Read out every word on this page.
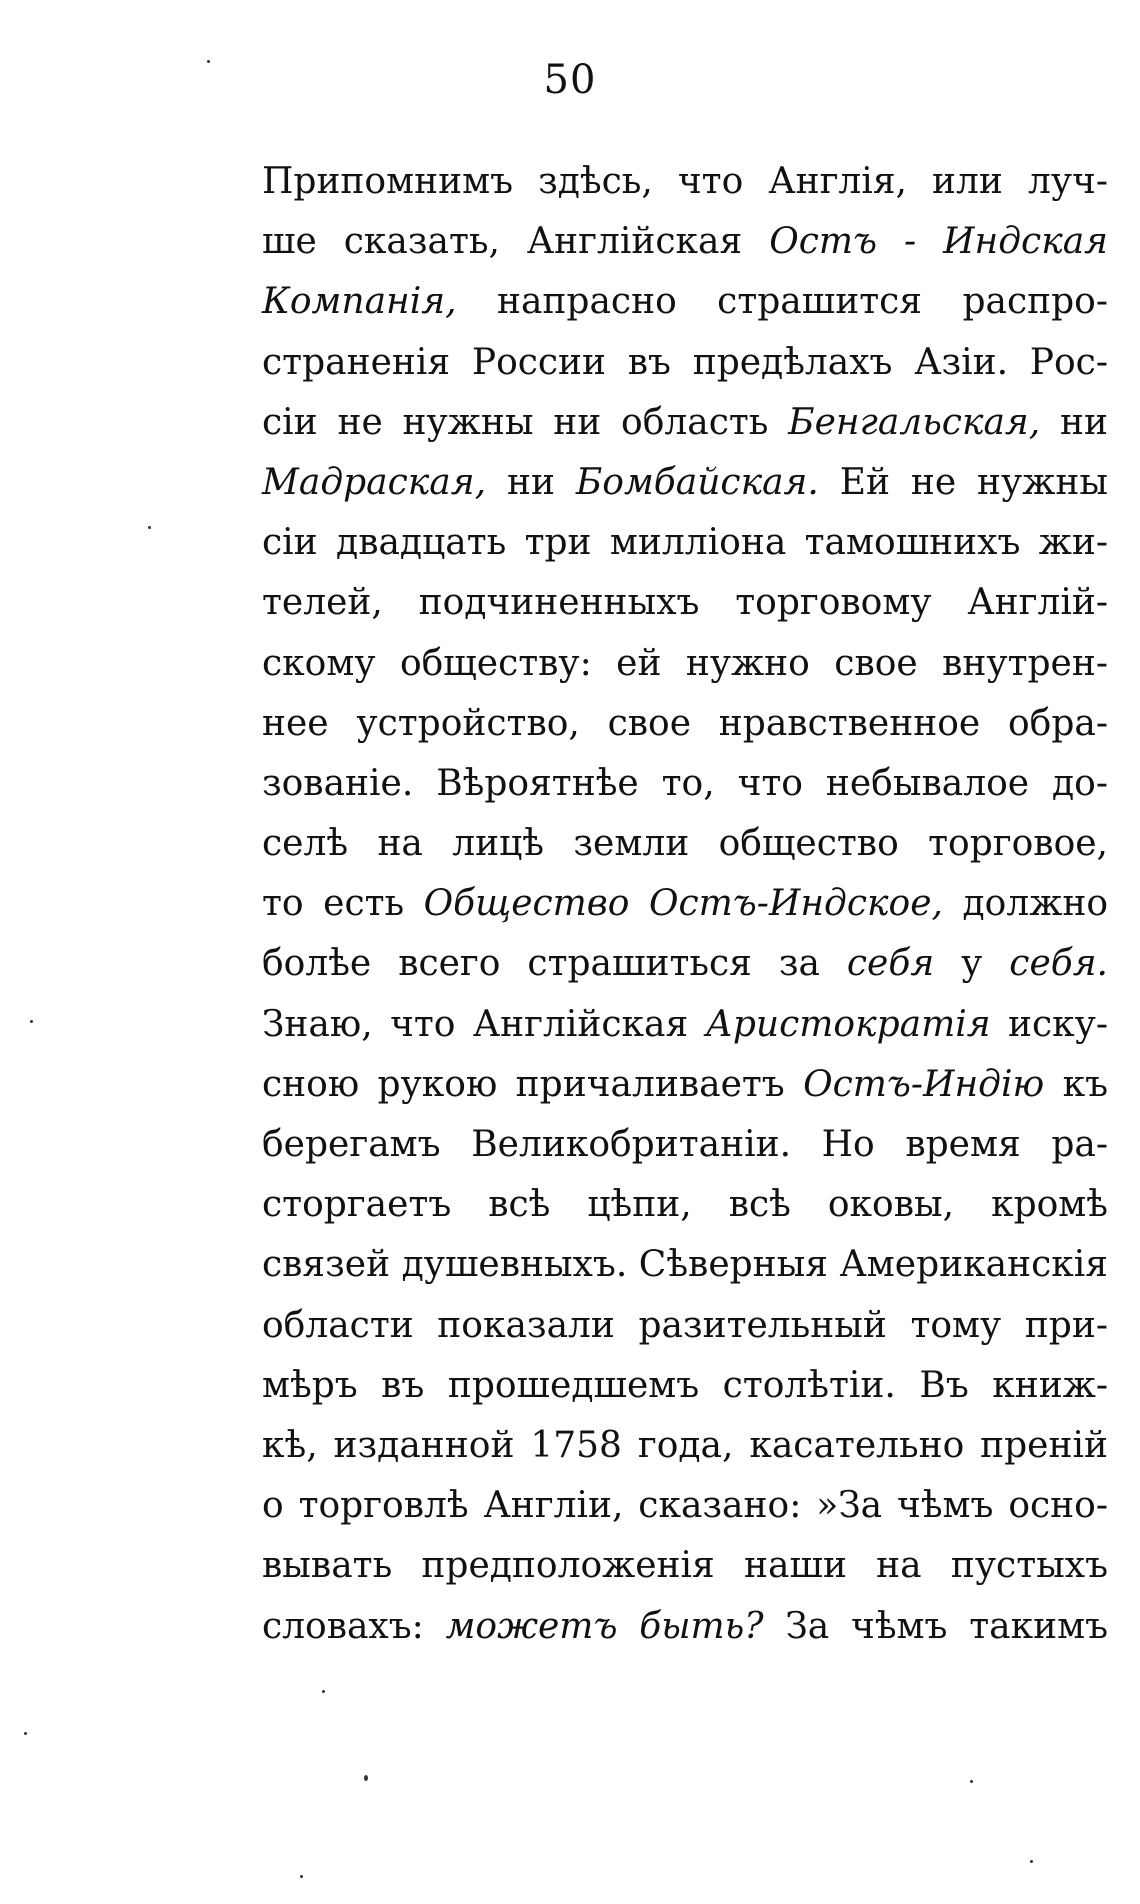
50
Припомнимъ здѣсь, что Англія, или луч-
ше сказать, Англійская Остъ - Индская
Компанія, напрасно страшится распро-
страненія России въ предѣлахъ Азіи. Рос-
сіи не нужны ни область Бенгальская, ни
Мадраская, ни Бомбайская. Ей не нужны
сіи двадцать три милліона тамошнихъ жи-
телей, подчиненныхъ торговому Англій-
скому обществу: ей нужно свое внутрен-
нее устройство, свое нравственное обра-
зованіе. Вѣроятнѣе то, что небывалое до-
селѣ на лицѣ земли общество торговое,
то есть Общество Остъ-Индское, должно
болѣе всего страшиться за себя у себя.
Знаю, что Англійская Аристократія иску-
сною рукою причаливаетъ Остъ-Индію къ
берегамъ Великобританіи. Но время ра-
сторгаетъ всѣ цѣпи, всѣ оковы, кромѣ
связей душевныхъ. Сѣверныя Американскія
области показали разительный тому при-
мѣръ въ прошедшемъ столѣтіи. Въ книж-
кѣ, изданной 1758 года, касательно преній
о торговлѣ Англіи, сказано: »За чѣмъ осно-
вывать предположенія наши на пустыхъ
словахъ: можетъ быть? За чѣмъ такимъ
